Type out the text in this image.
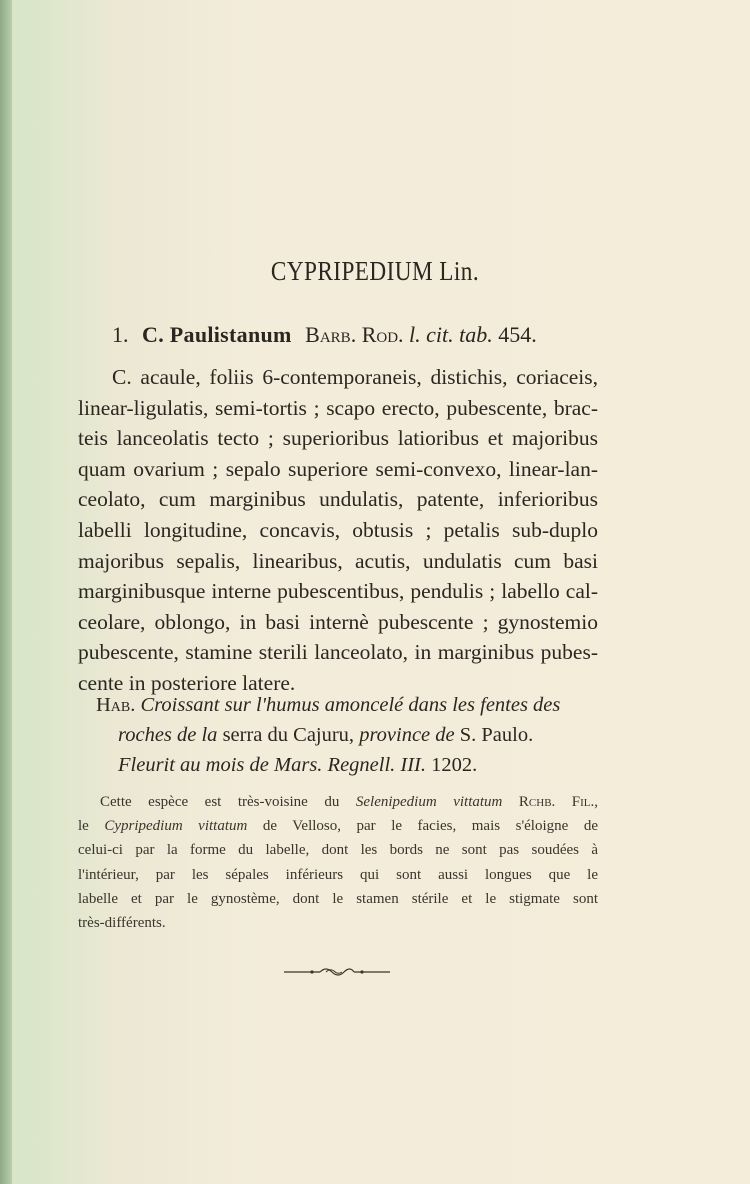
CYPRIPEDIUM Lin.
1. C. Paulistanum Barb. Rod. l. cit. tab. 454.
C. acaule, foliis 6-contemporaneis, distichis, coriaceis,
linear-ligulatis, semi-tortis ; scapo erecto, pubescente, brac-
teis lanceolatis tecto ; superioribus latioribus et majoribus
quam ovarium ; sepalo superiore semi-convexo, linear-lan-
ceolato, cum marginibus undulatis, patente, inferioribus
labelli longitudine, concavis, obtusis ; petalis sub-duplo
majoribus sepalis, linearibus, acutis, undulatis cum basi
marginibusque interne pubescentibus, pendulis ; labello cal-
ceolare, oblongo, in basi internè pubescente ; gynostemio
pubescente, stamine sterili lanceolato, in marginibus pubes-
cente in posteriore latere.
Hab. Croissant sur l'humus amoncelé dans les fentes des
roches de la serra du Cajuru, province de S. Paulo.
Fleurit au mois de Mars. Regnell. III. 1202.
Cette espèce est très-voisine du Selenipedium vittatum Rchb. Fil.,
le Cypripedium vittatum de Velloso, par le facies, mais s'éloigne de
celui-ci par la forme du labelle, dont les bords ne sont pas soudées à
l'intérieur, par les sépales inférieurs qui sont aussi longues que le
labelle et par le gynostème, dont le stamen stérile et le stigmate sont
très-différents.
